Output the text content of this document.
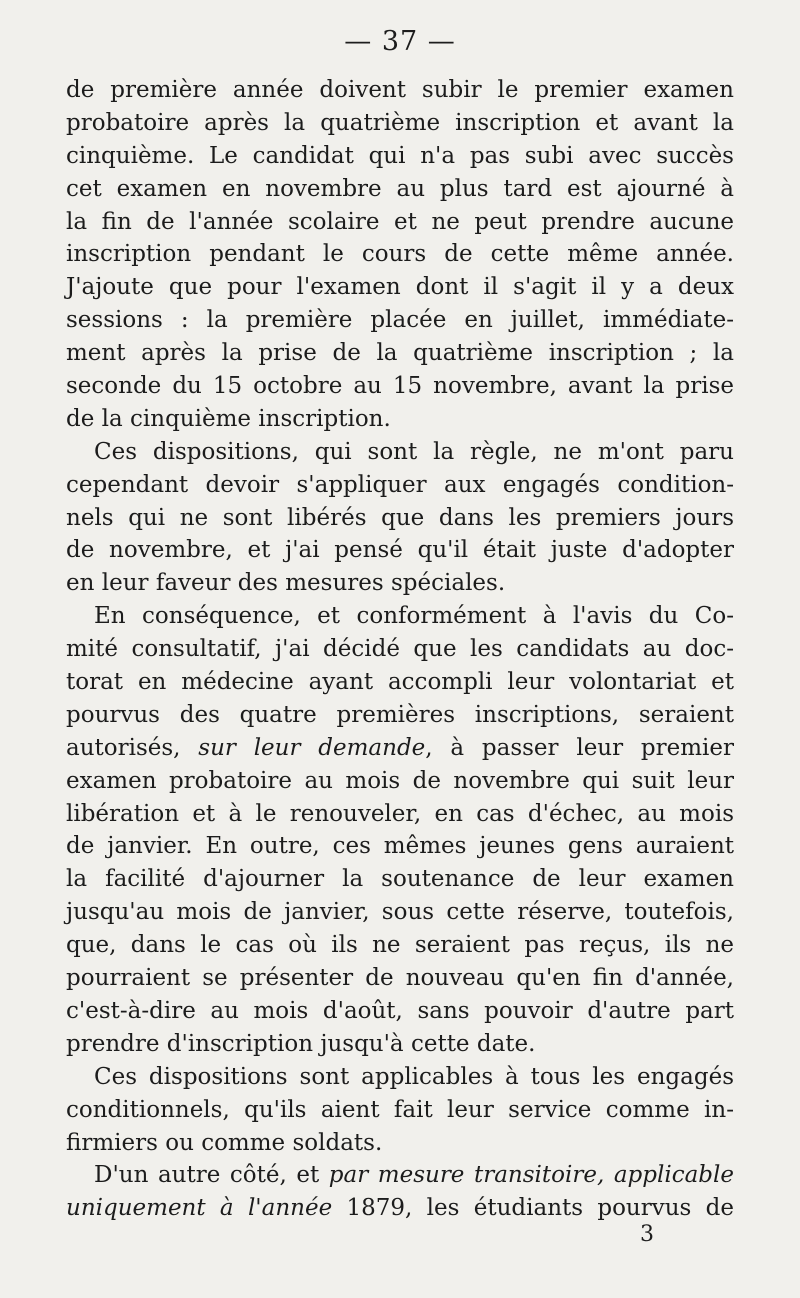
— 37 —
de première année doivent subir le premier examen
probatoire après la quatrième inscription et avant la
cinquième. Le candidat qui n'a pas subi avec succès
cet examen en novembre au plus tard est ajourné à
la fin de l'année scolaire et ne peut prendre aucune
inscription pendant le cours de cette même année.
J'ajoute que pour l'examen dont il s'agit il y a deux
sessions : la première placée en juillet, immédiate-
ment après la prise de la quatrième inscription ; la
seconde du 15 octobre au 15 novembre, avant la prise
de la cinquième inscription.
Ces dispositions, qui sont la règle, ne m'ont paru
cependant devoir s'appliquer aux engagés condition-
nels qui ne sont libérés que dans les premiers jours
de novembre, et j'ai pensé qu'il était juste d'adopter
en leur faveur des mesures spéciales.
En conséquence, et conformément à l'avis du Co-
mité consultatif, j'ai décidé que les candidats au doc-
torat en médecine ayant accompli leur volontariat et
pourvus des quatre premières inscriptions, seraient
autorisés, sur leur demande, à passer leur premier
examen probatoire au mois de novembre qui suit leur
libération et à le renouveler, en cas d'échec, au mois
de janvier. En outre, ces mêmes jeunes gens auraient
la facilité d'ajourner la soutenance de leur examen
jusqu'au mois de janvier, sous cette réserve, toutefois,
que, dans le cas où ils ne seraient pas reçus, ils ne
pourraient se présenter de nouveau qu'en fin d'année,
c'est-à-dire au mois d'août, sans pouvoir d'autre part
prendre d'inscription jusqu'à cette date.
Ces dispositions sont applicables à tous les engagés
conditionnels, qu'ils aient fait leur service comme in-
firmiers ou comme soldats.
D'un autre côté, et par mesure transitoire, applicable
uniquement à l'année 1879, les étudiants pourvus de
3
